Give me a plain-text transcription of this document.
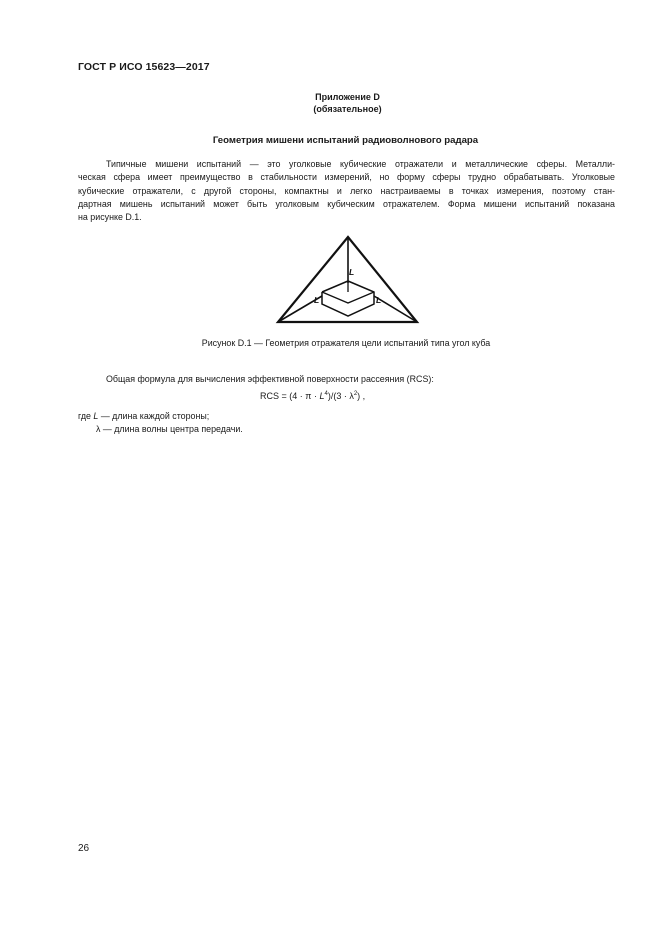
ГОСТ Р ИСО 15623—2017
Приложение D
(обязательное)
Геометрия мишени испытаний радиоволнового радара
Типичные мишени испытаний — это уголковые кубические отражатели и металлические сферы. Металли-
ческая сфера имеет преимущество в стабильности измерений, но форму сферы трудно обрабатывать. Уголковые
кубические отражатели, с другой стороны, компактны и легко настраиваемы в точках измерения, поэтому стан-
дартная мишень испытаний может быть уголковым кубическим отражателем. Форма мишени испытаний показана
на рисунке D.1.
L
L	L
Рисунок D.1 — Геометрия отражателя цели испытаний типа угол куба
Общая формула для вычисления эффективной поверхности рассеяния (RCS):
RCS = $(4 \cdot \pi \cdot L^4)/(3 \cdot \lambda^2)$ ,
где L — длина каждой стороны;
λ — длина волны центра передачи.
26
